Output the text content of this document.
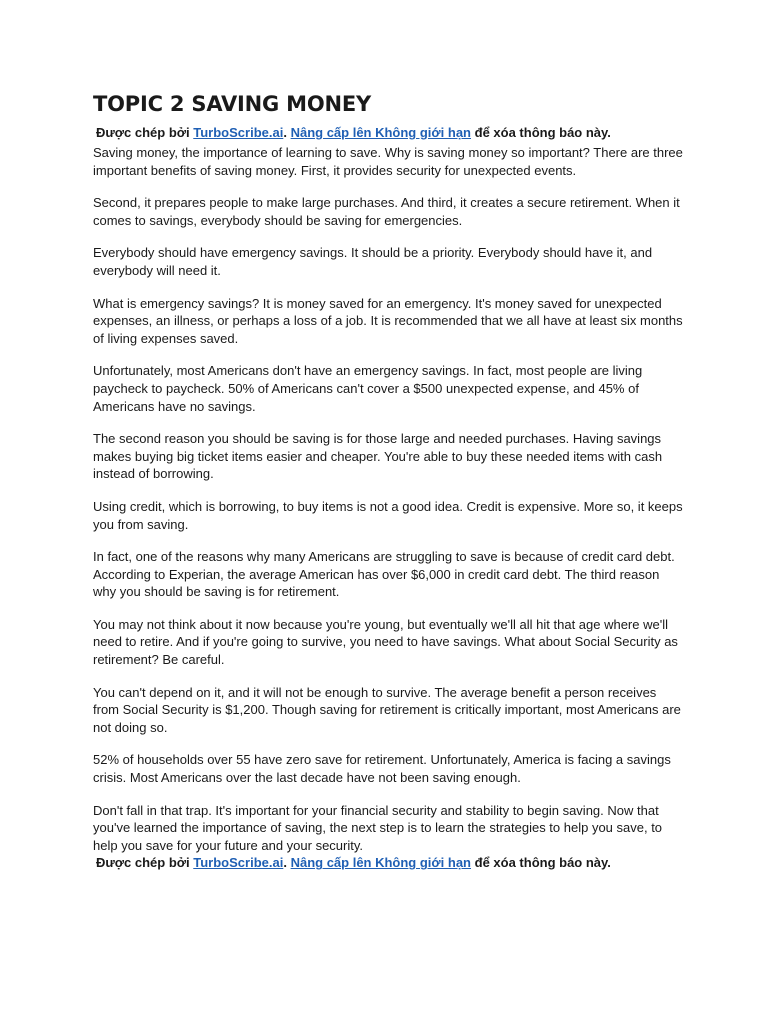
TOPIC 2 SAVING MONEY

Được chép bởi TurboScribe.ai. Nâng cấp lên Không giới hạn để xóa thông báo này.

Saving money, the importance of learning to save. Why is saving money so important? There are three important benefits of saving money. First, it provides security for unexpected events.

Second, it prepares people to make large purchases. And third, it creates a secure retirement. When it comes to savings, everybody should be saving for emergencies.

Everybody should have emergency savings. It should be a priority. Everybody should have it, and everybody will need it.

What is emergency savings? It is money saved for an emergency. It's money saved for unexpected expenses, an illness, or perhaps a loss of a job. It is recommended that we all have at least six months of living expenses saved.

Unfortunately, most Americans don't have an emergency savings. In fact, most people are living paycheck to paycheck. 50% of Americans can't cover a $500 unexpected expense, and 45% of Americans have no savings.

The second reason you should be saving is for those large and needed purchases. Having savings makes buying big ticket items easier and cheaper. You're able to buy these needed items with cash instead of borrowing.

Using credit, which is borrowing, to buy items is not a good idea. Credit is expensive. More so, it keeps you from saving.

In fact, one of the reasons why many Americans are struggling to save is because of credit card debt. According to Experian, the average American has over $6,000 in credit card debt. The third reason why you should be saving is for retirement.

You may not think about it now because you're young, but eventually we'll all hit that age where we'll need to retire. And if you're going to survive, you need to have savings. What about Social Security as retirement? Be careful.

You can't depend on it, and it will not be enough to survive. The average benefit a person receives from Social Security is $1,200. Though saving for retirement is critically important, most Americans are not doing so.

52% of households over 55 have zero save for retirement. Unfortunately, America is facing a savings crisis. Most Americans over the last decade have not been saving enough.

Don't fall in that trap. It's important for your financial security and stability to begin saving. Now that you've learned the importance of saving, the next step is to learn the strategies to help you save, to help you save for your future and your security.

Được chép bởi TurboScribe.ai. Nâng cấp lên Không giới hạn để xóa thông báo này.
